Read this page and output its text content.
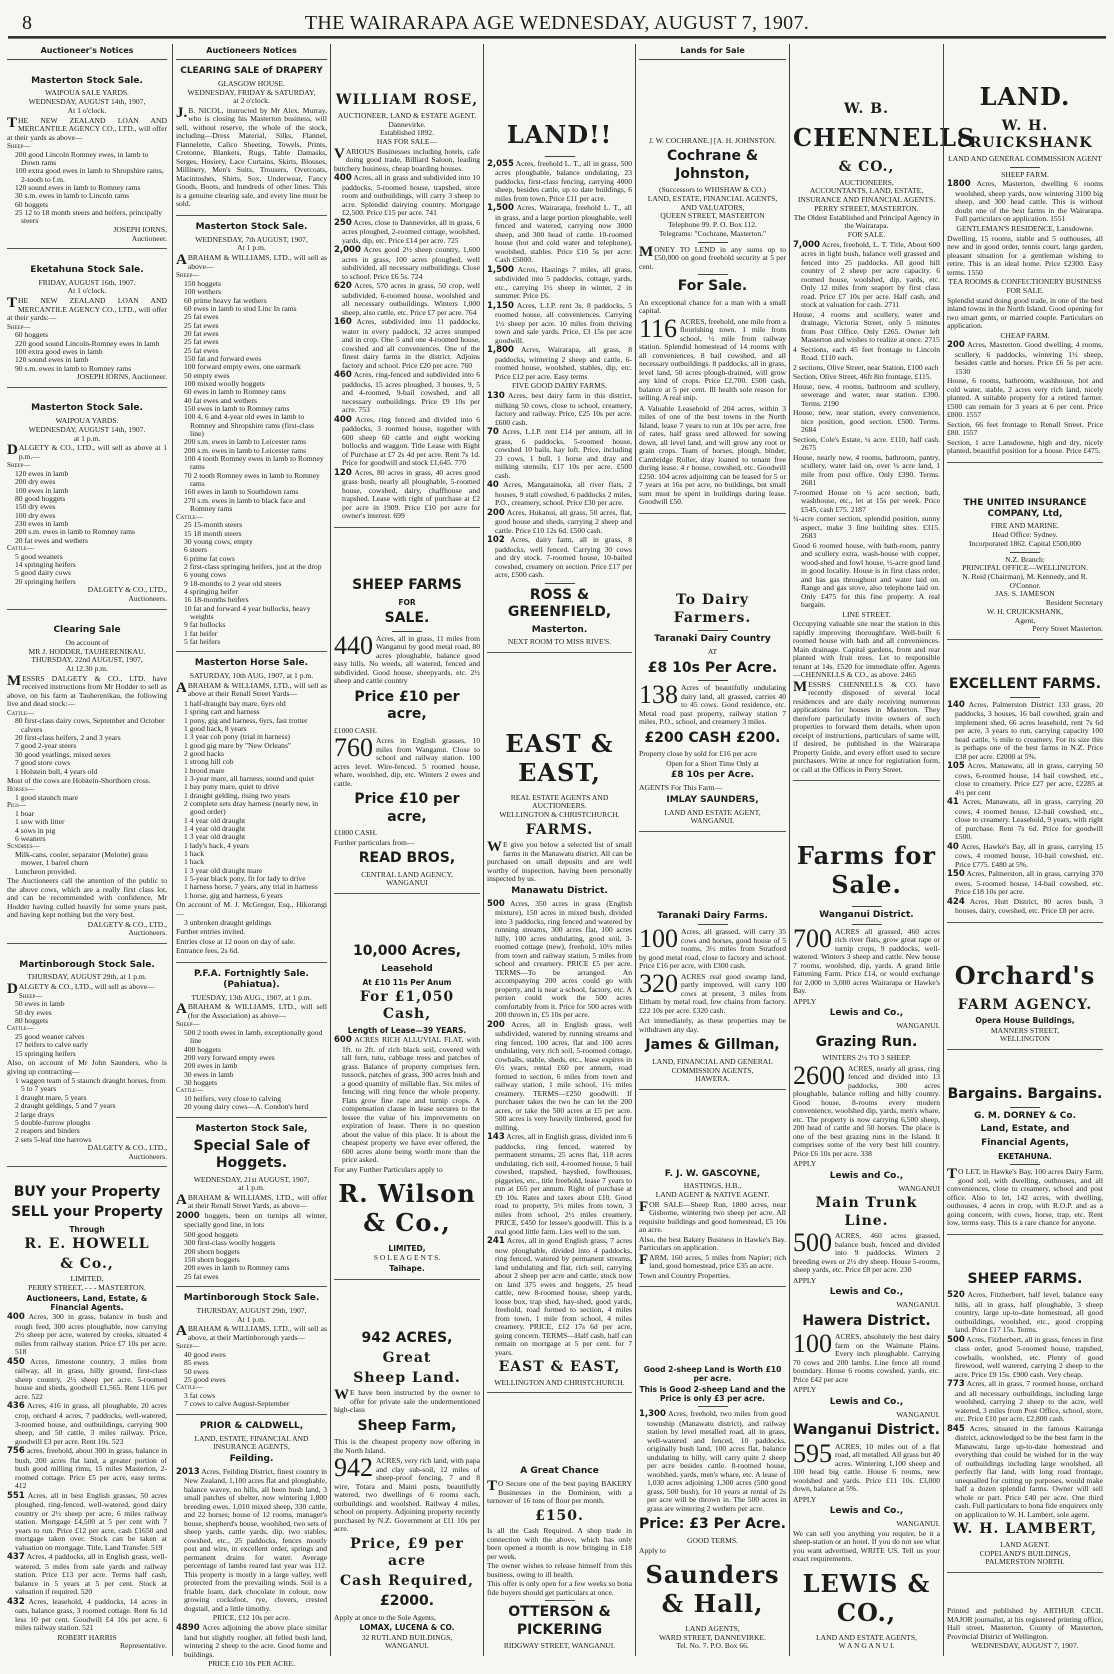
8	THE WAIRARAPA AGE WEDNESDAY, AUGUST 7, 1907.
Auctioneer's Notices
Masterton Stock Sale.
WAIPOUA SALE YARDS.
WEDNESDAY, AUGUST 14th, 1907,
At 1 o'clock.
THE NEW ZEALAND LOAN AND MERCANTILE AGENCY CO., LTD., will offer at their yards as above—
Sheep—
200 good Lincoln Romney ewes, in lamb to Down rams
100 extra good ewes in lamb to Shropshire rams, 2-tooth to f.m.
120 sound ewes in lamb to Romney rams
30 s.m. ewes in lamb to Lincoln rams
60 hoggets
25 12 to 18 month steers and heifers, principally steers
JOSEPH IORNS,
Auctioneer.
Eketahuna Stock Sale.
FRIDAY, AUGUST 16th, 1907.
At 1 o'clock.
THE NEW ZEALAND LOAN AND MERCANTILE AGENCY CO., LTD., will offer at their yards:—
Sheep—
60 hoggets
220 good sound Lincoln-Romney ewes in lamb
100 extra good ewes in lamb
120 sound ewes in lamb
90 s.m. ewes in lamb to Romney rams
JOSEPH IORNS, Auctioneer.
Masterton Stock Sale.
WAIPOUA YARDS.
WEDNESDAY, AUGUST 14th, 1907.
at 1 p.m.
DALGETY & CO., LTD., will sell as above at 1 p.m.—
Sheep—
120 ewes in lamb
200 dry ewes
100 ewes in lamb
80 good hoggets
150 dry ewes
100 dry ewes
230 ewes in lamb
200 s.m. ewes in lamb to Romney rams
20 fat ewes and wethers
Cattle—
5 good weaners
14 springing heifers
5 good dairy cows
20 springing heifers
DALGETY & CO., LTD.,
Auctioneers.
Clearing Sale
On account of
MR J. HODDER, TAUHERENIKAU.
THURSDAY, 22nd AUGUST, 1907,
At 12.30 p.m.
MESSRS DALGETY & CO., LTD. have received instructions from Mr Hodder to sell as above, on his farm at Tauherenikau, the following live and dead stock:—
Cattle—
80 first-class dairy cows, September and October calvers
20 first-class heifers, 2 and 3 years
7 good 2-year steers
30 good yearlings, mixed sexes
7 good store cows
1 Holstein bull, 4 years old
Most of the cows are Holstein-Shorthorn cross.
Horses—
1 good staunch mare
Pigs—
1 boar
1 sow with litter
4 sows in pig
6 weaners
Sundries—
Milk-cans, cooler, separator (Melotte) grass mower, 1 barrel churn
Luncheon provided.
The Auctioneers call the attention of the public to the above cows, which are a really first class lot, and can be recommended with confidence, Mr Hodder having culled heavily for some years past, and having kept nothing but the very best.
DALGETY & CO., LTD.,
Auctioneers.
Martinborough Stock Sale.
THURSDAY, AUGUST 29th, at 1 p.m.
DALGETY & CO., LTD., will sell as above—
Sheep—
50 ewes in lamb
50 dry ewes
80 hoggets
Cattle—
25 good weaner calves
17 heifers to calve early
15 springing heifers
Also, on account of Mr John Saunders, who is giving up contracting—
1 waggon team of 5 staunch draught horses, from 5 to 7 years
1 draught mare, 5 years
2 draught geldings, 5 and 7 years
2 large drays
5 double-furrow ploughs
2 reapers and binders
2 sets 5-leaf tine harrows
DALGETY & CO., LTD.,
Auctioneers.
BUY your Property
SELL your Property
Through
R. E. HOWELL
& Co.,
LIMITED,
PERRY STREET, - - - MASTERTON.
Auctioneers, Land, Estate, & Financial Agents.
400 Acres, 300 in grass, balance in bush and rough feed, 300 acres ploughable, now carrying 2½ sheep per acre, watered by creeks, situated 4 miles from railway station. Price £7 10s per acre. 518
450 Acres, limestone country, 3 miles from railway, all in grass, hilly ground, first-class sheep country, 2½ sheep per acre. 5-roomed house and sheds, goodwill £1,565. Rent 11/6 per acre. 522
436 Acres, 416 in grass, all ploughable, 20 acres crop, orchard 4 acres, 7 paddocks, well-watered, 3-roomed house, and outbuildings, carrying 900 sheep, and 50 cattle, 3 miles railway. Price, goodwill £3 per acre. Rent 10s. 523
756 acres, freehold, about 300 in grass, balance in bush, 200 acres flat land, a greater portion of bush good milling rimu, 15 miles Masterton, 2-roomed cottage. Price £5 per acre, easy terms. 412
551 Acres, all in best English grasses, 50 acres ploughed, ring-fenced, well-watered, good dairy country or 2½ sheep per acre, 6 miles railway station. Mortgage £4,500 at 5 per cent with 7 years to run. Price £12 per acre, cash £1650 and mortgage taken over. Stock can be taken at valuation on mortgage. Title, Land Transfer. 519
437 Acres, 4 paddocks, all in English grass, well-watered, 5 miles from sale yards and railway station. Price £13 per acre. Terms half cash, balance in 5 years at 5 per cent. Stock at valuation if required. 520
432 Acres, leasehold, 4 paddocks, 14 acres in oats, balance grass, 3 roomed cottage. Rent 6s 1d less 10 per cent. Goodwill £4 10s per acre. 6 miles railway station. 521
ROBERT HARRIS
Representative.
Auctioneers Notices
CLEARING SALE of DRAPERY
GLASGOW HOUSE.
WEDNESDAY, FRIDAY & SATURDAY,
at 2 o'clock.
J.B. NICOL, instructed by Mr Alex. Murray, who is closing his Masterton business, will sell, without reserve, the whole of the stock, including—Dress Material, Silks, Flannel, Flannelette, Calico Sheeting, Towels, Prints, Cretonne, Blankets, Rugs, Table Damasks, Serges, Hosiery, Lace Curtains, Skirts, Blouses, Millinery, Men's Suits, Trousers, Overcoats, Macintoshes, Shirts, Sox, Underwear, Fancy Goods, Boots, and hundreds of other lines. This is a genuine clearing sale, and every line must be sold.
Masterton Stock Sale.
WEDNESDAY, 7th AUGUST, 1907,
At 1 p.m.
ABRAHAM & WILLIAMS, LTD., will sell as above—
Sheep—
150 hoggets
100 wethers
60 prime heavy fat wethers
60 ewes in lamb to stud Linc In rams
25 fat ewes
25 fat ewes
20 fat ewes
25 fat ewes
25 fat ewes
150 fat and forward ewes
100 forward empty ewes, one earmark
50 empty ewes
100 mixed woolly hoggets
60 ewes in lamb to Romney rams
40 fat ewes and wethers
150 ewes in lamb to Romney rams
100 4, 6 and 4-year old ewes in lamb to Romney and Shropshire rams (first-class line)
200 s.m. ewes in lamb to Leicester rams
200 s.m. ewes in lamb to Leicester rams
100 4 tooth Romney ewes in lamb to Romney rams
70 2 tooth Romney ewes in lamb to Romney rams
160 ewes in lamb to Southdown rams
270 s.m. ewes in lamb to black face and Romney rams
Cattle—
25 15-month steers
15 18 month steers
30 young cows, empty
6 steers
6 prime fat cows
2 first-class springing heifers, just at the drop
6 young cows
9 18-months to 2 year old steers
4 springing heifer
16 18-months heifers
10 fat and forward 4 year bullocks, heavy weights
9 fat bullocks
1 fat heifer
5 fat heifers
Masterton Horse Sale.
SATURDAY, 10th AUG, 1907, at 1 p.m.
ABRAHAM & WILLIAMS, LTD., will sell as above at their Renall Street Yards—
1 half-draught bay mare, 6yrs old
1 spring cart and harness
1 pony, gig and harness, 6yrs, fast trotter
1 good hack, 8 years
1 3 year cob pony (trial in harness)
1 good gig mare by "New Orleans"
2 good hacks
1 strong hill cob
1 brood mare
1 3-year mare, all harness, sound and quiet
1 bay pony mare, quiet to drive
1 draught gelding, rising two years
2 complete sets dray harness (nearly new, in good order)
1 4 year old draught
1 4 year old draught
1 3 year old draught
1 lady's hack, 4 years
1 hack
1 hack
1 3 year old draught mare
1 5-year black pony, fit for lady to drive
1 harness horse, 7 years, any trial in harness
1 horse, gig and harness, 6 years
On account of M. J. McGregor, Esq., Hikorangi—
3 unbroken draught geldings
Further entries invited.
Entries close at 12 noon on day of sale.
Entrance fees, 2s 6d.
P.F.A. Fortnightly Sale. (Pahiatua).
TUESDAY, 13th AUG., 1907, at 1 p.m.
ABRAHAM & WILLIAMS, LTD., will sell (for the Association) as above—
Sheep—
500 2 tooth ewes in lamb, exceptionally good line
400 hoggets
200 very forward empty ewes
200 ewes in lamb
30 ewes in lamb
30 hoggets
Cattle—
10 heifers, very close to calving
20 young dairy cows—A. Condon's herd
Masterton Stock Sale,
Special Sale of Hoggets.
WEDNESDAY, 21st AUGUST, 1907,
at 1 p.m.
ABRAHAM & WILLIAMS, LTD., will offer at their Renall Street Yards, as above—
2000 hoggets, been on turnips all winter, specially good line, in lots
500 good hoggets
300 first-class woolly hoggets
200 shorn hoggets
150 shorn hoggets
200 ewes in lamb to Romney rams
25 fat ewes
Martinborough Stock Sale.
THURSDAY, AUGUST 29th, 1907,
At 1 p.m.
ABRAHAM & WILLIAMS, LTD., will sell as above, at their Martinborough yards—
Sheep—
40 good ewes
85 ewes
50 ewes
25 good ewes
Cattle—
3 fat cows
7 cows to calve August-September
PRIOR & CALDWELL,
LAND, ESTATE, FINANCIAL AND INSURANCE AGENTS,
Feilding.
2013 Acres, Feilding District, finest country in New Zealand, 1,100 acres flat and ploughable, balance wavey, no hills, all been bush land, 3 small patches of shelter, now wintering 1,800 breeding ewes, 1,010 mixed sheep, 330 cattle, and 22 horses; house of 12 rooms, manager's house, shepherd's house, woolshed, two sets of sheep yards, cattle yards, dip, two stables, cowshed, etc., 25 paddocks, fences mostly post and wire, in excellent order, springs and permanent drains for water. Average percentage of lambs reared last year was 112. This property is mostly in a large valley, well protected from the prevailing winds. Soil is a friable loam, dark chocolate in colour, now growing cocksfoot, rye, clovers, crested dogstail, and a little timothy.
PRICE, £12 10s per acre.
4890 Acres adjoining the above place similar land but slightly rougher, all felled bush land, wintering 2 sheep to the acre. Good home and buildings.
PRICE £10 10s PER ACRE.
WILLIAM ROSE,
AUCTIONEER, LAND & ESTATE AGENT. Dannevirke.
Established 1892.
HAS FOR SALE—
VARIOUS Businesses including hotels, cafe doing good trade, Billiard Saloon, leading butchery business, cheap boarding houses.
400 Acres, all in grass and subdivided into 10 paddocks, 5-roomed house, trapshed, store room and outbuildings, will carry 3 sheep to acre. Splendid dairying country. Mortgage £2,500. Price £15 per acre. 741
250 Acres, close to Dannevirke, all in grass, 6 acres ploughed, 2-roomed cottage, woolshed, yards, dip, etc. Price £14 per acre. 725
2,000 Acres good 2½ sheep country, 1,600 acres in grass, 100 acres ploughed, well subdivided, all necessary outbuildings. Close to school. Price £6 5s. 724
620 Acres, 570 acres in grass, 50 crop, well subdivided, 6-roomed house, woolshed and all necessary outbuildings. Winters 1,000 sheep, also cattle, etc. Price £7 per acre. 764
160 Acres, subdivided into 11 paddocks, water in every paddock, 32 acres stumped and in crop. One 5 and one 4-roomed house, cowshed and all conveniences. One of the finest dairy farms in the district. Adjoins factory and school. Price £20 per acre. 760
460 Acres, ring-fenced and subdivided into 6 paddocks, 15 acres ploughed, 3 houses, 9, 5 and 4-roomed, 9-bail cowshed, and all necessary outbuildings. Price £9 10s per acre. 753
400 Acres, ring fenced and divided into 6 paddocks, 3 roomed house, together with 600 sheep 60 cattle and eight working bullocks and waggon. Title Lease with Right of Purchase at £7 2s 4d per acre. Rent 7s 1d. Price for goodwill and stock £1,645. 770
120 Acres, 80 acres in grass, 40 acres good grass bush, nearly all ploughable, 5-roomed house, cowshed, dairy, chaffhouse and trapshed. Lease with right of purchase at £2 per acre in 1909. Price £10 per acre for owner's interest. 699
SHEEP FARMS
FOR
SALE.
440 Acres, all in grass, 11 miles from Wanganui by good metal road, 80 acres ploughable, balance good easy hills. No weeds, all watered, fenced and subdivided. Good house, sheepyards, etc. 2½ sheep and cattle country
Price £10 per acre,
£1000 CASH.
760 Acres in English grasses, 10 miles from Wanganui. Close to school and railway station. 100 acres level. Wire-fenced. 5 roomed house, whare, woolshed, dip, etc. Winters 2 ewes and cattle.
Price £10 per acre,
£1800 CASH.
Further particulars from—
READ BROS,
CENTRAL LAND AGENCY,
WANGANUI
10,000 Acres,
Leasehold
At £10 11s Per Anum
For £1,050 Cash,
Length of Lease—39 YEARS.
600 ACRES RICH ALLUVIAL FLAT, with 1ft. to 2ft. of rich black soil, covered with tall fern, tutu, cabbage trees and patches of grass. Balance of property comprises fern, tussock, patches of grass, 300 acres bush and a good quantity of millable flax. Six miles of fencing will ring fence the whole property. Flats grow fine rape and turnip crops. A compensation clause in lease secures to the lessee the value of his improvements on expiration of lease. There is no question about the value of this place. It is about the cheapest property we have ever offered, the 600 acres alone being worth more than the price asked.
For any Further Particulars apply to
R. Wilson & Co.,
LIMITED,
S O L E A G E N T S.
Taihape.
942 ACRES,
Great
Sheep Land.
WE have been instructed by the owner to offer for private sale the undermentioned high-class
Sheep Farm,
This is the cheapest property now offering in the North Island.
942 ACRES, very rich land, with papa and clay sub-soil, 12 miles of sheep-proof fencing, 7 and 8 wire, Totara and Maini posts, beautifully watered, two dwellings of 6 rooms each, outbuildings and woolshed. Railway 4 miles, school on property. Adjoining property recently purchased by N.Z. Government at £11 10s per acre.
Price, £9 per acre
Cash Required,
£2000.
Apply at once to the Sole Agents,
LOMAX, LUCENA & CO.
32 RUTLAND BUILDINGS,
WANGANUI.
LAND!!
2,055 Acres, freehold L. T., all in grass, 500 acres ploughable, balance undulating, 23 paddocks, first-class fencing, carrying 4000 sheep, besides cattle, up to date buildings, 6 miles from town. Price £11 per acre.
1,500 Acres, Wairarapa, freehold L. T., all in grass, and a large portion ploughable, well fenced and watered, carrying now 3000 sheep, and 300 head of cattle. 10-roomed house (hot and cold water and telephone), woolshed, stables. Price £10 5s per acre: Cash £5000.
1,500 Acres, Hastings 7 miles, all grass, subdivided into 5 paddocks, cottage, yards, etc., carrying 1½ sheep in winter, 2 in summer. Price £6.
1,150 Acres, L.I.P. rent 3s, 8 paddocks, 5 roomed house, all conveniences. Carrying 1½ sheep per acre. 10 miles from thriving town and sale yards. Price, £3 15s per acre goodwill.
1,800 Acres, Wairarapa, all grass, 8 paddocks, wintering 2 sheep and cattle, 6-roomed house, woolshed, stables, dip, etc. Price £12 per acre. Easy terms
FIVE GOOD DAIRY FARMS.
130 Acres, best dairy farm in this district, milking 50 cows, close to school, creamery, factory and railway. Price, £25 10s per acre. £600 cash.
70 Acres, L.I.P. rent £14 per annum, all in grass, 6 paddocks, 5-roomed house, cowshed 10 bails, hay loft. Price, including 23 cows, 1 bull, 1 horse and dray and milking utensils, £17 10s per acre. £500 cash.
40 Acres, Mangatainoka, all river flats, 2 houses, 9 stall cowshed, 6 paddocks 2 miles, P.O., creamery, school. Price £30 per acre.
200 Acres, Hukanui, all grass, 50 acres, flat, good house and sheds, carrying 2 sheep and cattle. Price £10 12s 6d. £500 cash.
102 Acres, dairy farm, all in grass, 8 paddocks, well fenced. Carrying 30 cows and dry stock. 7-roomed house, 10-bailed cowshed, creamery on section. Price £17 per acre, £500 cash.
ROSS & GREENFIELD,
Masterton.
NEXT ROOM TO MISS RIVE'S.
EAST & EAST,
REAL ESTATE AGENTS AND AUCTIONEERS.
WELLINGTON & CHRISTCHURCH.
FARMS.
WE give you below a selected list of small farms in the Manawatu district. All can be purchased on small deposits and are well worthy of inspection, having been personally inspected by us.
Manawatu District.
500 Acres, 350 acres in grass (English mixture), 150 acres in mixed bush, divided into 3 paddocks, ring fenced and watered by running streams, 300 acres flat, 100 acres hilly, 100 acres undulating, good soil, 3-roomed cottage (new), freehold, 10½ miles from town and railway station, 5 miles from school and creamery. PRICE £5 per acre. TERMS—To be arranged. An accompanying 200 acres could go with property, and is near a school, factory, etc. A person could work the 500 acres comfortably from it. Price for 500 acres with 200 thrown in, £5 10s per acre.
200 Acres, all in English grass, well subdivided, watered by running streams and ring fenced, 100 acres, flat and 100 acres undulating, very rich soil, 5-roomed cottage, cowbails, stable, sheds, etc., lease expires in 6½ years, rental £60 per annum, road formed to section, 6 miles from town and railway station, 1 mile school, 1½ miles creamery. TERMS—£250 goodwill. If purchaser takes the two he can let the 200 acres, or take the 500 acres at £5 per acre. 500 acres is very heavily timbered, good for milling.
143 Acres, all in English grass, divided into 6 paddocks, ring fenced, watered by permanent streams, 25 acres flat, 118 acres undulating, rich soil, 4-roomed house, 5 bail cowshed, trapshed, hayshed, fowlhouses, piggeries, etc., title freehold, lease 7 years to run at £65 per annum. Right of purchase at £9 10s. Rates and taxes about £10. Good road to property, 5½ miles from town, 3 miles from school, 2½ miles creamery. PRICE, £450 for lessee's goodwill. This is a real good little farm. Lies well to the sun.
241 Acres, all in good English grass, 7 acres now ploughable, divided into 4 paddocks, ring fenced, watered by permanent streams, land undulating and flat, rich soil, carrying about 2 sheep per acre and cattle, stock now on land 375 ewes and hoggets, 25 head cattle, new 8-roomed house, sheep yards, loose box, trap shed, hay-shed, good yards, freehold, road formed to section, 4 miles from town, 1 mile from school, 4 miles creamery. PRICE, £12 17s 6d per acre, going concern. TERMS—Half cash, half can remain on mortgage at 5 per cent. for 7 years.
EAST & EAST,
WELLINGTON AND CHRISTCHURCH.
A Great Chance
TO Secure one of the best paying BAKERY Businesses in the Dominion, with a turnover of 16 tons of flour per month.
£150.
Is all the Cash Required. A shop trade in connection with the above, which has only been opened a month is now bringing in £18 per week.
The owner wishes to release himself from this business, owing to ill health.
This offer is only open for a few weeks so bona fide buyers should get particulars at once.
OTTERSON & PICKERING
RIDGWAY STREET, WANGANUI.
Lands for Sale
J. W. COCHRANE.] [A. H. JOHNSTON.
Cochrane & Johnston,
(Successors to WHISHAW & CO.)
LAND, ESTATE, FINANCIAL AGENTS, AND VALUATORS,
QUEEN STREET, MASTERTON
Telephone 99. P. O. Box 112.
Telegrams: "Cochrane, Masterton."
MONEY TO LEND in any sums up to £50,000 on good freehold security at 5 per cent.
For Sale.
An exceptional chance for a man with a small capital.
116 ACRES, freehold, one mile from a flourishing town. 1 mile from school, ½ mile from railway station. Splendid homestead of 14 rooms with all conveniences, 8 bail cowshed, and all necessary outbuildings. 8 paddocks, all in grass, level land, 50 acres plough-drained, will grow any kind of crops. Price £2,700. £500 cash, balance at 5 per cent. Ill health sole reason for selling. A real snip.
A Valuable Leasehold of 204 acres, within 3 miles of one of the best towns in the North Island, lease 7 years to run at 10s per acre, free of rates, half grass seed allowed for sowing down, all level land, and will grow any root or grain crops. Team of horses, plough, binder, Cambridge Roller, dray loaned to tenant free during lease. 4 r house, cowshed, etc. Goodwill £250. 104 acres adjoining can be leased for 5 or 7 years at 16s per acre, no buildings, but small sum must be spent in buildings during lease. Goodwill £50.
To Dairy Farmers.
Taranaki Dairy Country
AT
£8 10s Per Acre.
138 Acres of beautifully undulating dairy land, all grassed, carries 40 to 45 cows. Good residence, etc. Metal road past property, railway station 7 miles, P.O., school, and creamery 3 miles.
£200 CASH £200.
Property close by sold for £16 per acre
Open for a Short Time Only at
£8 10s per Acre.
AGENTS For This Farm—
IMLAY SAUNDERS,
LAND AND ESTATE AGENT,
WANGANUI.
Taranaki Dairy Farms.
100 Acres, all grassed, will carry 35 cows and horses, good house of 5 rooms, 3½ miles from Stratford by good metal road, close to factory and school. Price £16 per acre, with £300 cash.
320 ACRES real good swamp land, partly improved, will carry 100 cows at present, 3 miles from Eltham by metal road, few chains from factory. £22 10s per acre. £320 cash.
Act immediately, as these properties may be withdrawn any day.
James & Gillman,
LAND, FINANCIAL AND GENERAL COMMISSION AGENTS,
HAWERA.
F. J. W. GASCOYNE,
HASTINGS, H.B.,
LAND AGENT & NATIVE AGENT.
FOR SALE—Sheep Run, 1800 acres, near Gisborne, wintering two sheep per acre. All requisite buildings and good homestead, £5 10s an acre.
Also, the best Bakery Business in Hawke's Bay. Particulars on application.
FARM, 160 acres, 5 miles from Napier; rich land, good homestead, price £35 an acre.
Town and Country Properties.
Good 2-sheep Land is Worth £10 per acre.
This is Good 2-sheep Land and the Price is only £3 per acre.
1,300 Acres, freehold, two miles from good township (Manawatu district), and railway station by level metalled road, all in grass, well-watered and fenced, 10 paddocks, originally bush land, 100 acres flat, balance undulating to hilly, will carry quite 2 sheep per acre besides cattle. 8-roomed house, woolshed, yards, men's whare, etc. A lease of 1,030 acres adjoining 1,300 acres (500 good grass, 500 bush), for 10 years at rental of 2s per acre will be thrown in. The 500 acres in grass are wintering 2 wethers per acre.
Price: £3 Per Acre.
GOOD TERMS.
Apply to
Saunders & Hall,
LAND AGENTS,
WARD STREET, DANNEVIRKE.
Tel. No. 7. P.O. Box 66.
W. B.
CHENNELLS
& CO.,
AUCTIONEERS,
ACCOUNTANTS, LAND, ESTATE, INSURANCE AND FINANCIAL AGENTS.
PERRY STREET, MASTERTON.
The Oldest Established and Principal Agency in the Wairarapa.
FOR SALE.
7,000 Acres, freehold, L. T. Title, About 600 acres in light bush, balance well grassed and fenced into 25 paddocks. All good hill country of 2 sheep per acre capacity. 6 roomed house, woolshed, dip, yards, etc. Only 12 miles from seaport by first class road. Price £7 10s per acre. Half cash, and stock at valuation for cash. 2711
House, 4 rooms and scullery, water and drainage, Victoria Street, only 5 minutes from Post Office. Only £265. Owner left Masterton and wishes to realize at once. 2715
4 Sections, each 45 feet frontage to Lincoln Road. £110 each.
2 sections, Olive Street, near Station, £100 each
Section, Olive Street, 46ft 8in frontage, £115.
House, new, 4 rooms, bathroom and scullery, sewerage and water, near station. £390. Terms. 2190
House, new, near station, every convenience, nice position, good section. £500. Terms. 2684
Section, Cole's Estate, ¼ acre. £110, half cash. 2675
House, nearly new, 4 rooms, bathroom, pantry, scullery, water laid on, over ¼ acre land, 1 mile from post office. Only £390. Terms. 2681
7-roomed House on ¼ acre section, bath, washhouse, etc., let at 15s per week. Price £545, cash £75. 2187
¾-acre corner section, splendid position, sunny aspect, make 3 fine building sites. £315. 2683
Good 6 roomed house, with bath-room, pantry and scullery extra, wash-house with copper, wood-shed and fowl house, ½-acre good land in good locality. House is in first class order, and has gas throughout and water laid on. Range and gas stove, also telephone laid on. Only £475 for this fine property. A real bargain.
LINE STREET.
Occupying valuable site near the station in this rapidly improving thoroughfare. Well-built 6 roomed house with bath and all conveniences. Main drainage. Capital gardens, front and rear planted with fruit trees. Let to responsible tenant at 14s. £520 for immediate offer. Agents—CHENNELLS & CO., as above. 2465
MESSRS CHENNELLS & CO. have recently disposed of several local residences and are daily receiving numerous applications for houses in Masterton. They therefore particularly invite owners of such properties to forward them details, when upon receipt of instructions, particulars of same will, if desired, be published in the Wairarapa Property Guide, and every effort used to secure purchasers. Write at once for registration form, or call at the Offices in Perry Street.
Farms for Sale.
Wanganui District.
700 ACRES all grassed, 460 acres rich river flats, grow great rape or turnip crops, 9 paddocks, well-watered. Winters 3 sheep and cattle. New house 7 rooms, woolshed, dip, yards. A grand little Fattening Farm. Price £14, or would exchange for 2,000 to 3,000 acres Wairarapa or Hawke's Bay.
APPLY
Lewis and Co.,
WANGANUI.
Grazing Run.
WINTERS 2½ TO 3 SHEEP.
2600 ACRES, nearly all grass, ring fenced and divided into 13 paddocks, 300 acres ploughable, balance rolling and hilly country. Good house, 8-rooms every modern convenience, woolshed dip, yards, men's whare, etc. The property is now carrying 6,500 sheep, 200 head of cattle and 50 horses. The place is one of the best grazing runs in the Island. It comprises some of the very best hill country. Price £6 10s per acre. 338
APPLY
Lewis and Co.,
WANGANUI
Main Trunk Line.
500 ACRES, 460 acres grassed, balance bush, fenced and divided into 9 paddocks. Winters 2 breeding ewes or 2½ dry sheep. House 5-rooms, sheep yards, etc. Price £8 per acre. 230
APPLY
Lewis and Co.,
WANGANUI.
Hawera District.
100 ACRES, absolutely the best dairy farm on the Waimate Plains. Every inch ploughable. Carrying 70 cows and 200 lambs. Line fence all round boundary. House 6 rooms cowshed, yards, etc. Price £42 per acre
APPLY
Lewis and Co.,
WANGANUI.
Wanganui District.
595 ACRES, 10 miles out of a flat road, all metalled. All grass but 40 acres. Wintering 1,100 sheep and 100 head big cattle. House 6 rooms, new woolshed and yards. Price £11 10s. £3,000 down, balance at 5%.
APPLY
Lewis and Co.,
WANGANUI.
We can sell you anything you require, be it a sheep-station or an hotel. If you do not see what you want advertised, WRITE US. Tell us your exact requirements.
LEWIS & CO.,
LAND AND ESTATE AGENTS,
W A N G A N U I.
LAND.
W. H. CRUICKSHANK
LAND AND GENERAL COMMISSION AGENT
SHEEP FARM.
1800 Acres, Masterton, dwelling 6 rooms woolshed, sheep yards, now wintering 3100 big sheep, and 300 head cattle. This is without doubt one of the best farms in the Wairarapa. Full particulars on application. 1551
GENTLEMAN'S RESIDENCE, Lansdowne.
Dwelling, 15 rooms, stable and 5 outhouses, all new and in good order, tennis court, large garden, pleasant situation for a gentleman wishing to retire. This is an ideal home. Price £2300. Easy terms. 1550
TEA ROOMS & CONFECTIONERY BUSINESS FOR SALE.
Splendid stand doing good trade, in one of the best inland towns in the North Island. Good opening for two smart gents, or married couple. Particulars on application.
CHEAP FARM.
200 Acres, Masterton. Good dwelling, 4 rooms, scullery, 6 paddocks, wintering 1½ sheep, besides cattle and horses. Price £6 5s per acre. 1530
House, 6 rooms, bathroom, washhouse, hot and cold water, stable, 2 acres very rich land, nicely planted. A suitable property for a retired farmer. £500 can remain for 3 years at 6 per cent. Price £800. 1557
Section, 66 feet frontage to Renall Street. Price £80. 1557
Section, 1 acre Lansdowne, high and dry, nicely planted, beautiful position for a house. Price £475.
THE UNITED INSURANCE COMPANY, Ltd,
FIRE AND MARINE.
Head Office: Sydney.
Incorporated 1862. Capital £500,000
N.Z. Branch:
PRINCIPAL OFFICE—WELLINGTON.
N. Reid (Chairman), M. Kennedy, and R. O'Connor.
JAS. S. JAMESON
Resident Secretary
W. H. CRUICKSHANK,
Agent,
Perry Street Masterton.
EXCELLENT FARMS.
140 Acres, Palmerston District 133 grass, 20 paddocks, 3 houses, 16 bail cowshed, grain and implement shed, 66 acres leasehold, rent 7s 6d per acre, 3 years to run, carrying capacity 100 head cattle, ¼ mile to creamery. For its size this is perhaps one of the best farms in N.Z. Price £38 per acre. £2000 at 5%.
105 Acres, Manawatu, all in grass, carrying 50 cows, 6-roomed house, 14 bail cowshed, etc., close to creamery. Price £27 per acre, £2285 at 4½ per cent
41 Acres, Manawatu, all in grass, carrying 20 cows, 4 roomed house, 12-bail cowshed, etc., close to creamery. Leasehold, 9 years, with right of purchase. Rent 7s 6d. Price for goodwill £500.
40 Acres, Hawke's Bay, all in grass, carrying 15 cows, 4 roomed house, 10-bail cowshed, etc. Price £775. £480 at 5%.
150 Acres, Palmerston, all in grass, carrying 370 ewes, 5-roomed house, 14-bail cowshed, etc. Price £18 10s per acre.
424 Acres, Hutt District, 80 acres bush, 3 houses, dairy, cowshed, etc. Price £8 per acre.
Orchard's
FARM AGENCY.
Opera House Buildings,
MANNERS STREET,
WELLINGTON
Bargains. Bargains.
G. M. DORNEY & Co.
Land, Estate, and
Financial Agents,
EKETAHUNA.
TO LET, in Hawke's Bay, 100 acres Dairy Farm, good soil, with dwelling, outhouses, and all conveniences, close to creamery, school and post office. Also to let, 142 acres, with dwelling, outhouses, 4 acres in crop, with R.O.P. and as a going concern, with cows, horse, trap, etc. Rent low, terms easy. This is a rare chance for anyone.
SHEEP FARMS.
520 Acres, Fitzherbert, half level, balance easy hills, all in grass, half ploughable, 3 sheep country, large up-to-date homestead, all good outbuildings, woolshed, etc., good cropping land. Price £17 15s. Terms.
500 Acres, Fitzherbert, all in grass, fences in first class order, good 5-roomed house, trapshed, cowbails, woolshed, etc. Plenty of good firewood, well watered, carrying 2 sheep to the acre. Price £9 15s. £900 cash. Very cheap.
773 Acres, all in grass, 7 roomed house, orchard and all necessary outbuildings, including large woolshed, carrying 2 sheep to the acre, well watered, 3 miles from Post Office, school, store, etc. Price £10 per acre. £2,800 cash.
845 Acres, situated in the famous Kairanga district, acknowledged to be the best farm in the Manawatu, large up-to-date homestead and everything that could be wished for in the way of outbuildings including large woolshed, all perfectly flat land, with long road frontage, unequalled for cutting up purposes, would make half a dozen splendid farms. Owner will sell whole or part. Price £40 per acre. One third cash. Full particulars to bona fide enquirers only on application to W. H. Lambert, sole agent.
W. H. LAMBERT,
LAND AGENT.
COPELAND'S BUILDINGS,
PALMERSTON NORTH.
Printed and published by ARTHUR CECIL MAJOR journalist, at his registered printing office, Hall street, Masterton, County of Masterton, Provincial District of Wellington.
WEDNESDAY, AUGUST 7, 1907.
